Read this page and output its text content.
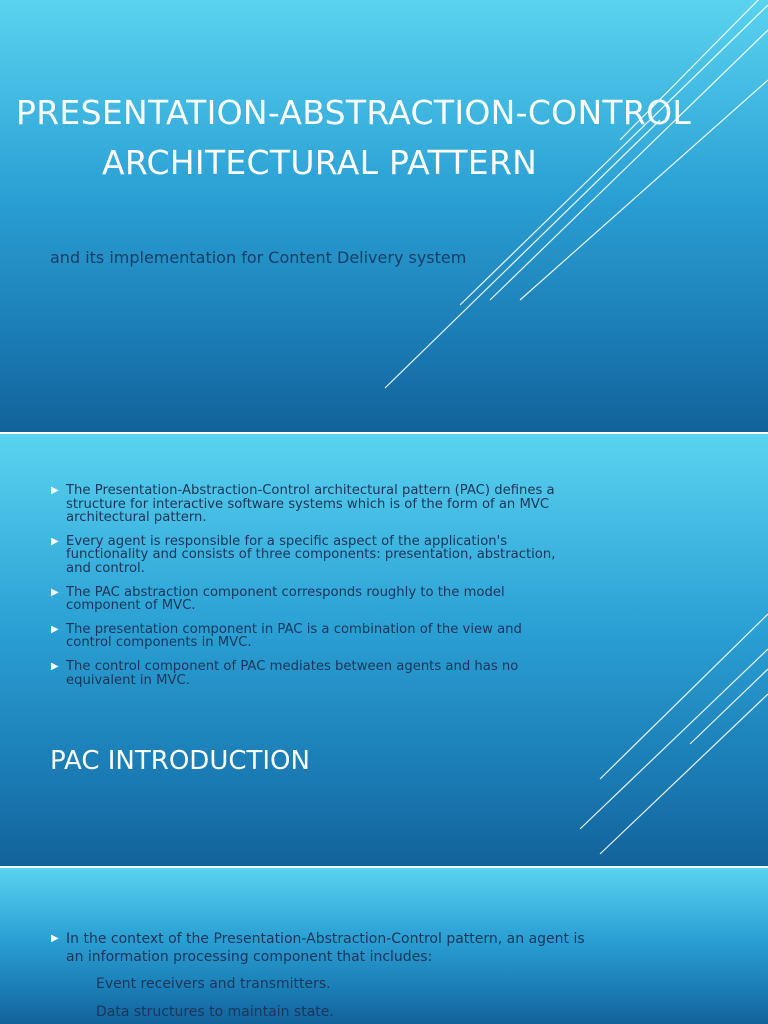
PRESENTATION-ABSTRACTION-CONTROL
ARCHITECTURAL PATTERN
and its implementation for Content Delivery system
▶ The Presentation-Abstraction-Control architectural pattern (PAC) defines a structure for interactive software systems which is of the form of an MVC architectural pattern.
▶ Every agent is responsible for a specific aspect of the application's functionality and consists of three components: presentation, abstraction, and control.
▶ The PAC abstraction component corresponds roughly to the model component of MVC.
▶ The presentation component in PAC is a combination of the view and control components in MVC.
▶ The control component of PAC mediates between agents and has no equivalent in MVC.
PAC INTRODUCTION
▶ In the context of the Presentation-Abstraction-Control pattern, an agent is an information processing component that includes:
Event receivers and transmitters.
Data structures to maintain state.
